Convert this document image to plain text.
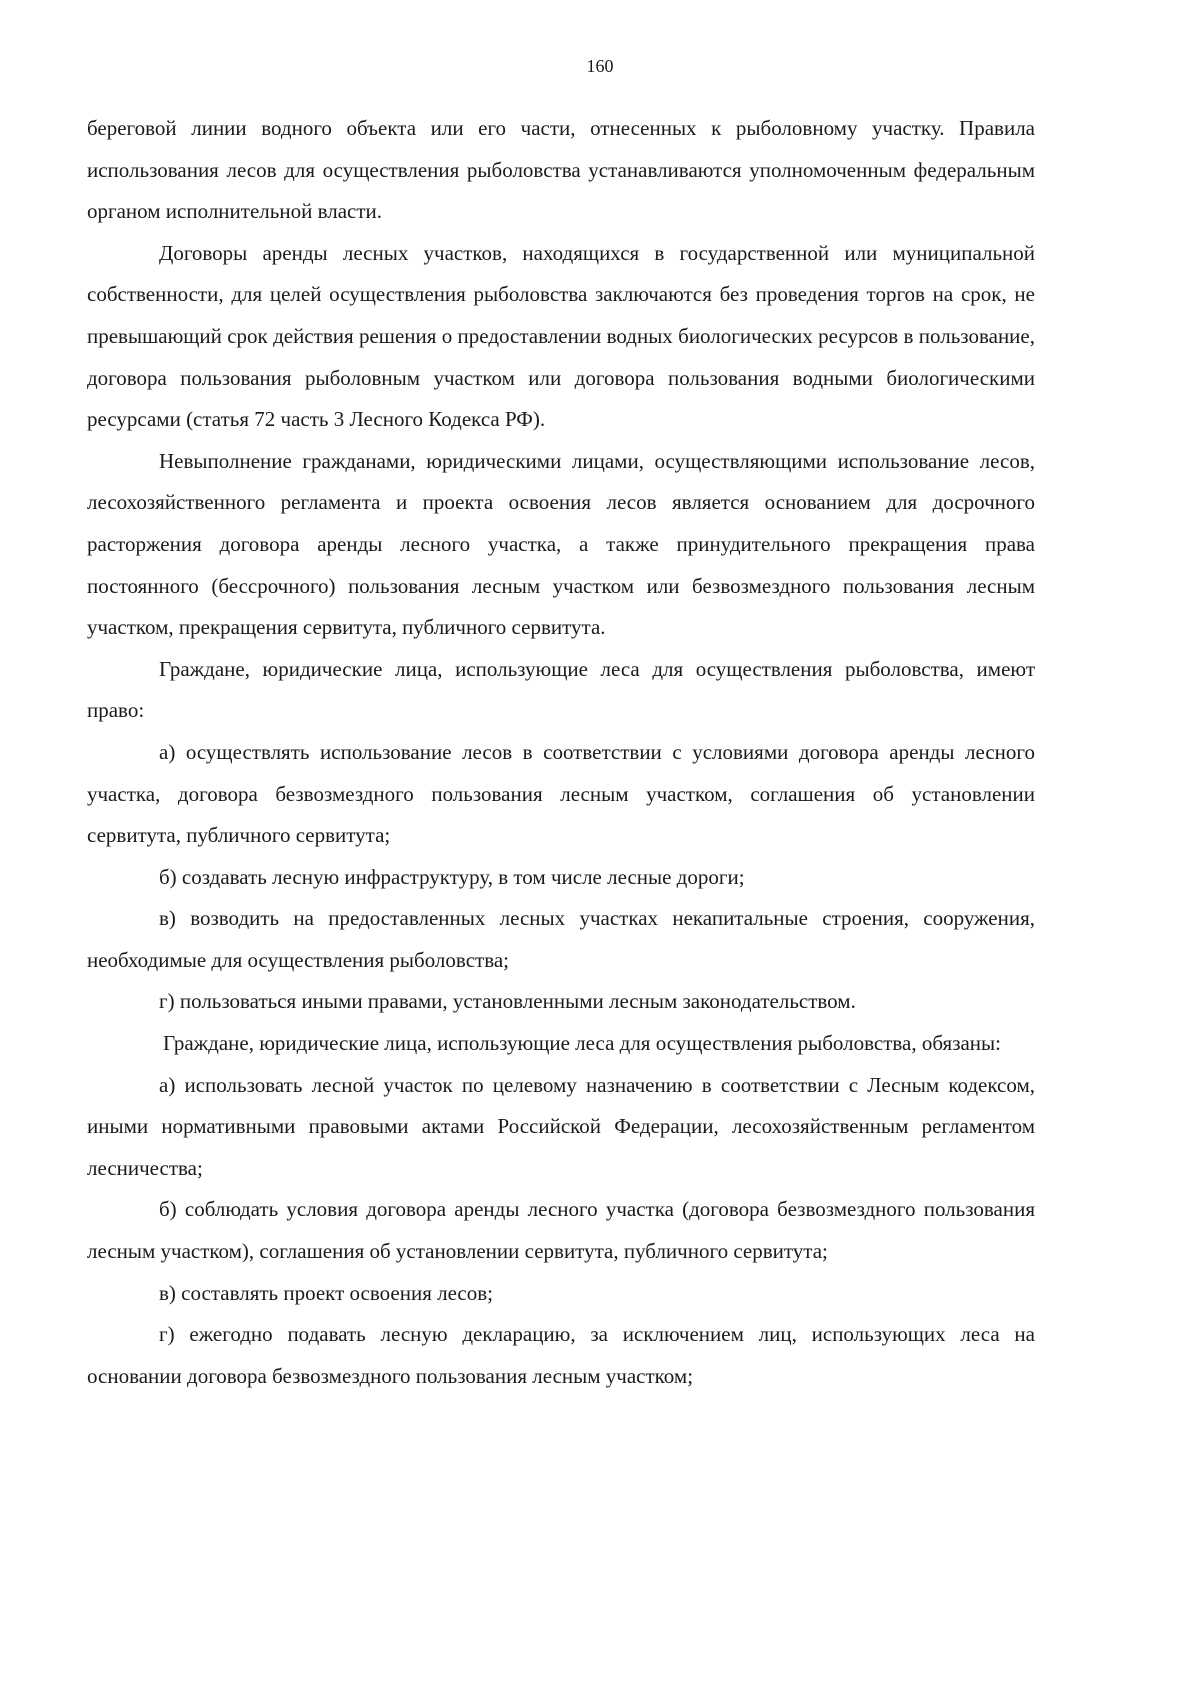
160

береговой линии водного объекта или его части, отнесенных к рыболовному участку. Правила использования лесов для осуществления рыболовства устанавливаются уполномоченным федеральным органом исполнительной власти.

Договоры аренды лесных участков, находящихся в государственной или муниципальной собственности, для целей осуществления рыболовства заключаются без проведения торгов на срок, не превышающий срок действия решения о предоставлении водных биологических ресурсов в пользование, договора пользования рыболовным участком или договора пользования водными биологическими ресурсами (статья 72 часть 3 Лесного Кодекса РФ).

Невыполнение гражданами, юридическими лицами, осуществляющими использование лесов, лесохозяйственного регламента и проекта освоения лесов является основанием для досрочного расторжения договора аренды лесного участка, а также принудительного прекращения права постоянного (бессрочного) пользования лесным участком или безвозмездного пользования лесным участком, прекращения сервитута, публичного сервитута.

Граждане, юридические лица, использующие леса для осуществления рыболовства, имеют право:

а) осуществлять использование лесов в соответствии с условиями договора аренды лесного участка, договора безвозмездного пользования лесным участком, соглашения об установлении сервитута, публичного сервитута;

б) создавать лесную инфраструктуру, в том числе лесные дороги;

в) возводить на предоставленных лесных участках некапитальные строения, сооружения, необходимые для осуществления рыболовства;

г) пользоваться иными правами, установленными лесным законодательством.

Граждане, юридические лица, использующие леса для осуществления рыболовства, обязаны:

а) использовать лесной участок по целевому назначению в соответствии с Лесным кодексом, иными нормативными правовыми актами Российской Федерации, лесохозяйственным регламентом лесничества;

б) соблюдать условия договора аренды лесного участка (договора безвозмездного пользования лесным участком), соглашения об установлении сервитута, публичного сервитута;

в) составлять проект освоения лесов;

г) ежегодно подавать лесную декларацию, за исключением лиц, использующих леса на основании договора безвозмездного пользования лесным участком;
